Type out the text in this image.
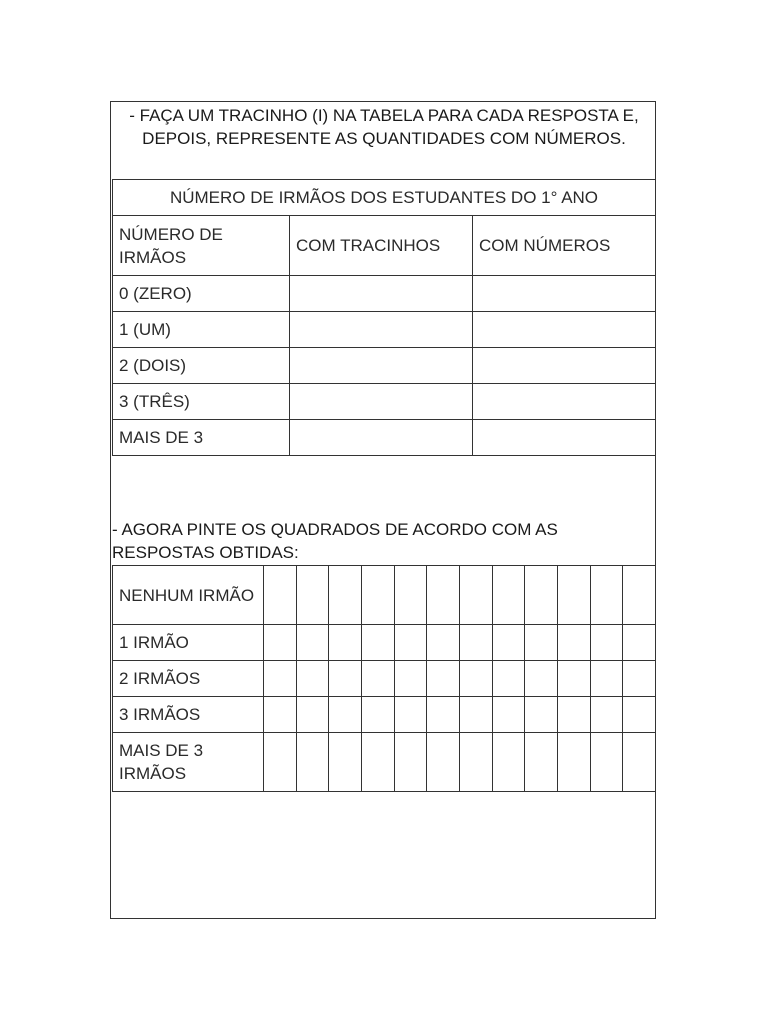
- FAÇA UM TRACINHO (I) NA TABELA PARA CADA RESPOSTA E, DEPOIS, REPRESENTE AS QUANTIDADES COM NÚMEROS.
NÚMERO DE IRMÃOS DOS ESTUDANTES DO 1° ANO		
NÚMERO DE IRMÃOS	COM TRACINHOS	COM NÚMEROS
0 (ZERO)		
1 (UM)		
2 (DOIS)		
3 (TRÊS)		
MAIS DE 3		
- AGORA PINTE OS QUADRADOS DE ACORDO COM AS RESPOSTAS OBTIDAS:
NENHUM IRMÃO												
1 IRMÃO												
2 IRMÃOS												
3 IRMÃOS												
MAIS DE 3 IRMÃOS												
